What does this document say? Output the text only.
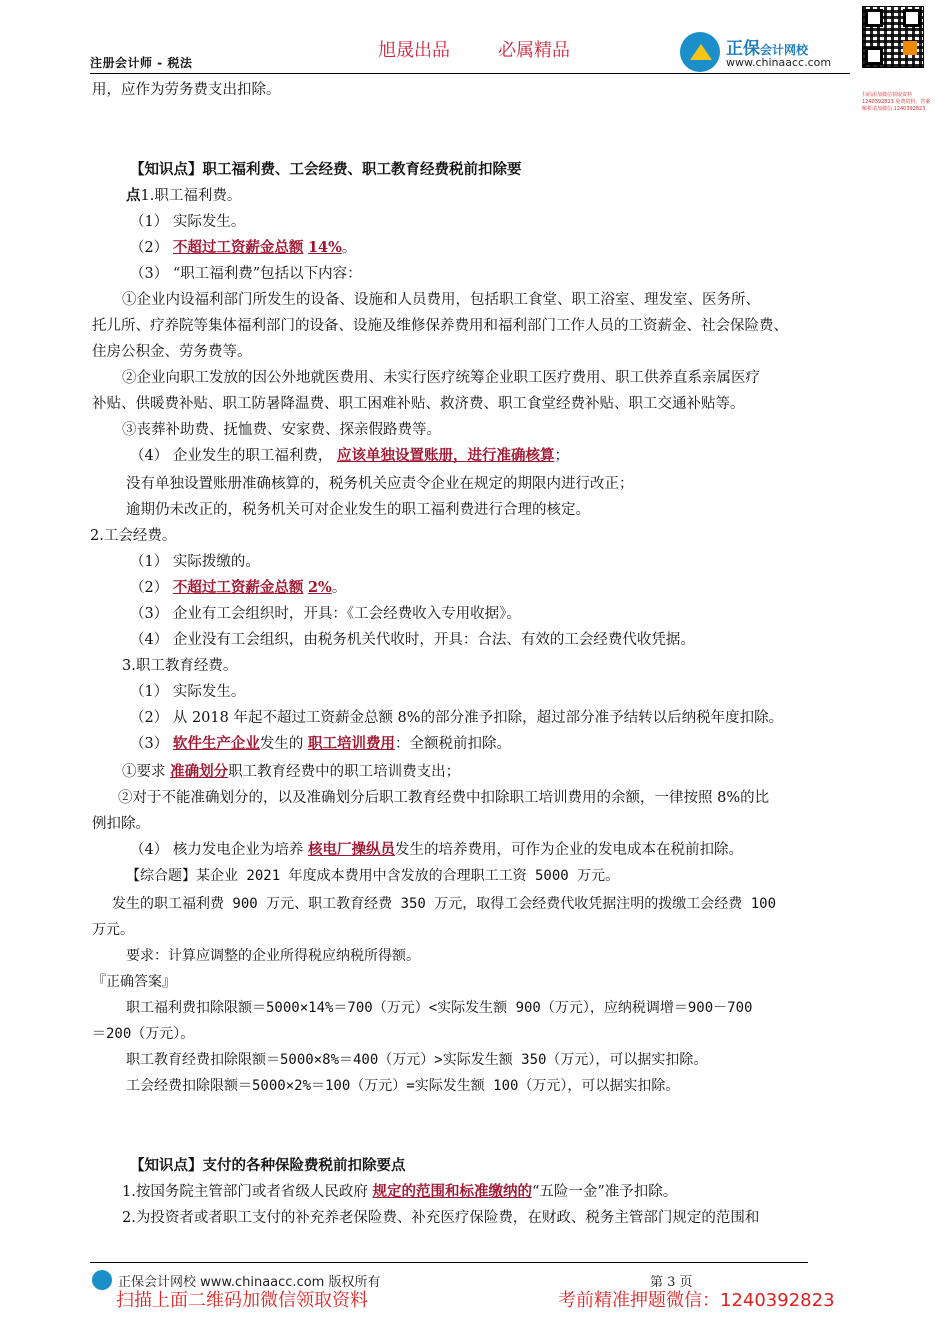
旭晟出品	必属精品
注册会计师 - 税法
正保会计网校
www.chinaacc.com
扫码添加微信领取资料 1240392823 免费资料、答案解析请加微信 1240392823
用，应作为劳务费支出扣除。
【知识点】职工福利费、工会经费、职工教育经费税前扣除要
点1.职工福利费。
（1） 实际发生。
（2） 不超过工资薪金总额 14%。
（3） “职工福利费”包括以下内容：
①企业内设福利部门所发生的设备、设施和人员费用，包括职工食堂、职工浴室、理发室、医务所、
托儿所、疗养院等集体福利部门的设备、设施及维修保养费用和福利部门工作人员的工资薪金、社会保险费、
住房公积金、劳务费等。
②企业向职工发放的因公外地就医费用、未实行医疗统筹企业职工医疗费用、职工供养直系亲属医疗
补贴、供暖费补贴、职工防暑降温费、职工困难补贴、救济费、职工食堂经费补贴、职工交通补贴等。
③丧葬补助费、抚恤费、安家费、探亲假路费等。
（4） 企业发生的职工福利费， 应该单独设置账册，进行准确核算；
没有单独设置账册准确核算的，税务机关应责令企业在规定的期限内进行改正；
逾期仍未改正的，税务机关可对企业发生的职工福利费进行合理的核定。
2.工会经费。
（1） 实际拨缴的。
（2） 不超过工资薪金总额 2%。
（3） 企业有工会组织时，开具：《工会经费收入专用收据》。
（4） 企业没有工会组织，由税务机关代收时，开具：合法、有效的工会经费代收凭据。
3.职工教育经费。
（1） 实际发生。
（2） 从 2018 年起不超过工资薪金总额 8%的部分准予扣除，超过部分准予结转以后纳税年度扣除。
（3） 软件生产企业发生的 职工培训费用：全额税前扣除。
①要求 准确划分职工教育经费中的职工培训费支出；
②对于不能准确划分的，以及准确划分后职工教育经费中扣除职工培训费用的余额，一律按照 8%的比
例扣除。
（4） 核力发电企业为培养 核电厂操纵员发生的培养费用，可作为企业的发电成本在税前扣除。
【综合题】某企业 2021 年度成本费用中含发放的合理职工工资 5000 万元。
发生的职工福利费 900 万元、职工教育经费 350 万元，取得工会经费代收凭据注明的拨缴工会经费 100
万元。
要求：计算应调整的企业所得税应纳税所得额。
『正确答案』
职工福利费扣除限额＝5000×14%＝700（万元）<实际发生额 900（万元），应纳税调增＝900－700
＝200（万元）。
职工教育经费扣除限额＝5000×8%＝400（万元）>实际发生额 350（万元），可以据实扣除。
工会经费扣除限额＝5000×2%＝100（万元）=实际发生额 100（万元），可以据实扣除。
【知识点】支付的各种保险费税前扣除要点
1.按国务院主管部门或者省级人民政府 规定的范围和标准缴纳的“五险一金”准予扣除。
2.为投资者或者职工支付的补充养老保险费、补充医疗保险费，在财政、税务主管部门规定的范围和
正保会计网校 www.chinaacc.com 版权所有	第 3 页
扫描上面二维码加微信领取资料	考前精准押题微信：1240392823
